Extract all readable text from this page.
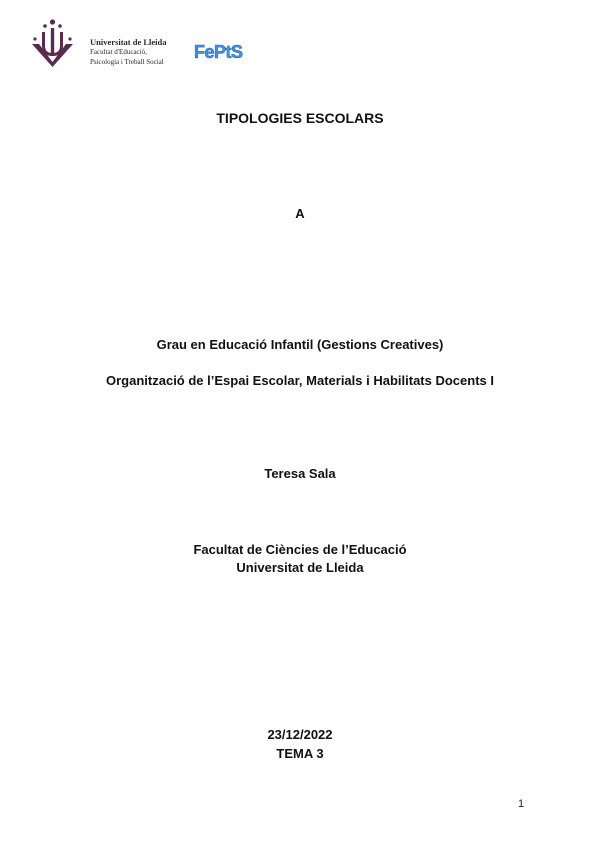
Universitat de Lleida
Facultat d'Educació,
Psicologia i Treball Social FePtS
TIPOLOGIES ESCOLARS
A
Grau en Educació Infantil (Gestions Creatives)
Organització de l’Espai Escolar, Materials i Habilitats Docents I
Teresa Sala
Facultat de Ciències de l’Educació
Universitat de Lleida
23/12/2022
TEMA 3
1
